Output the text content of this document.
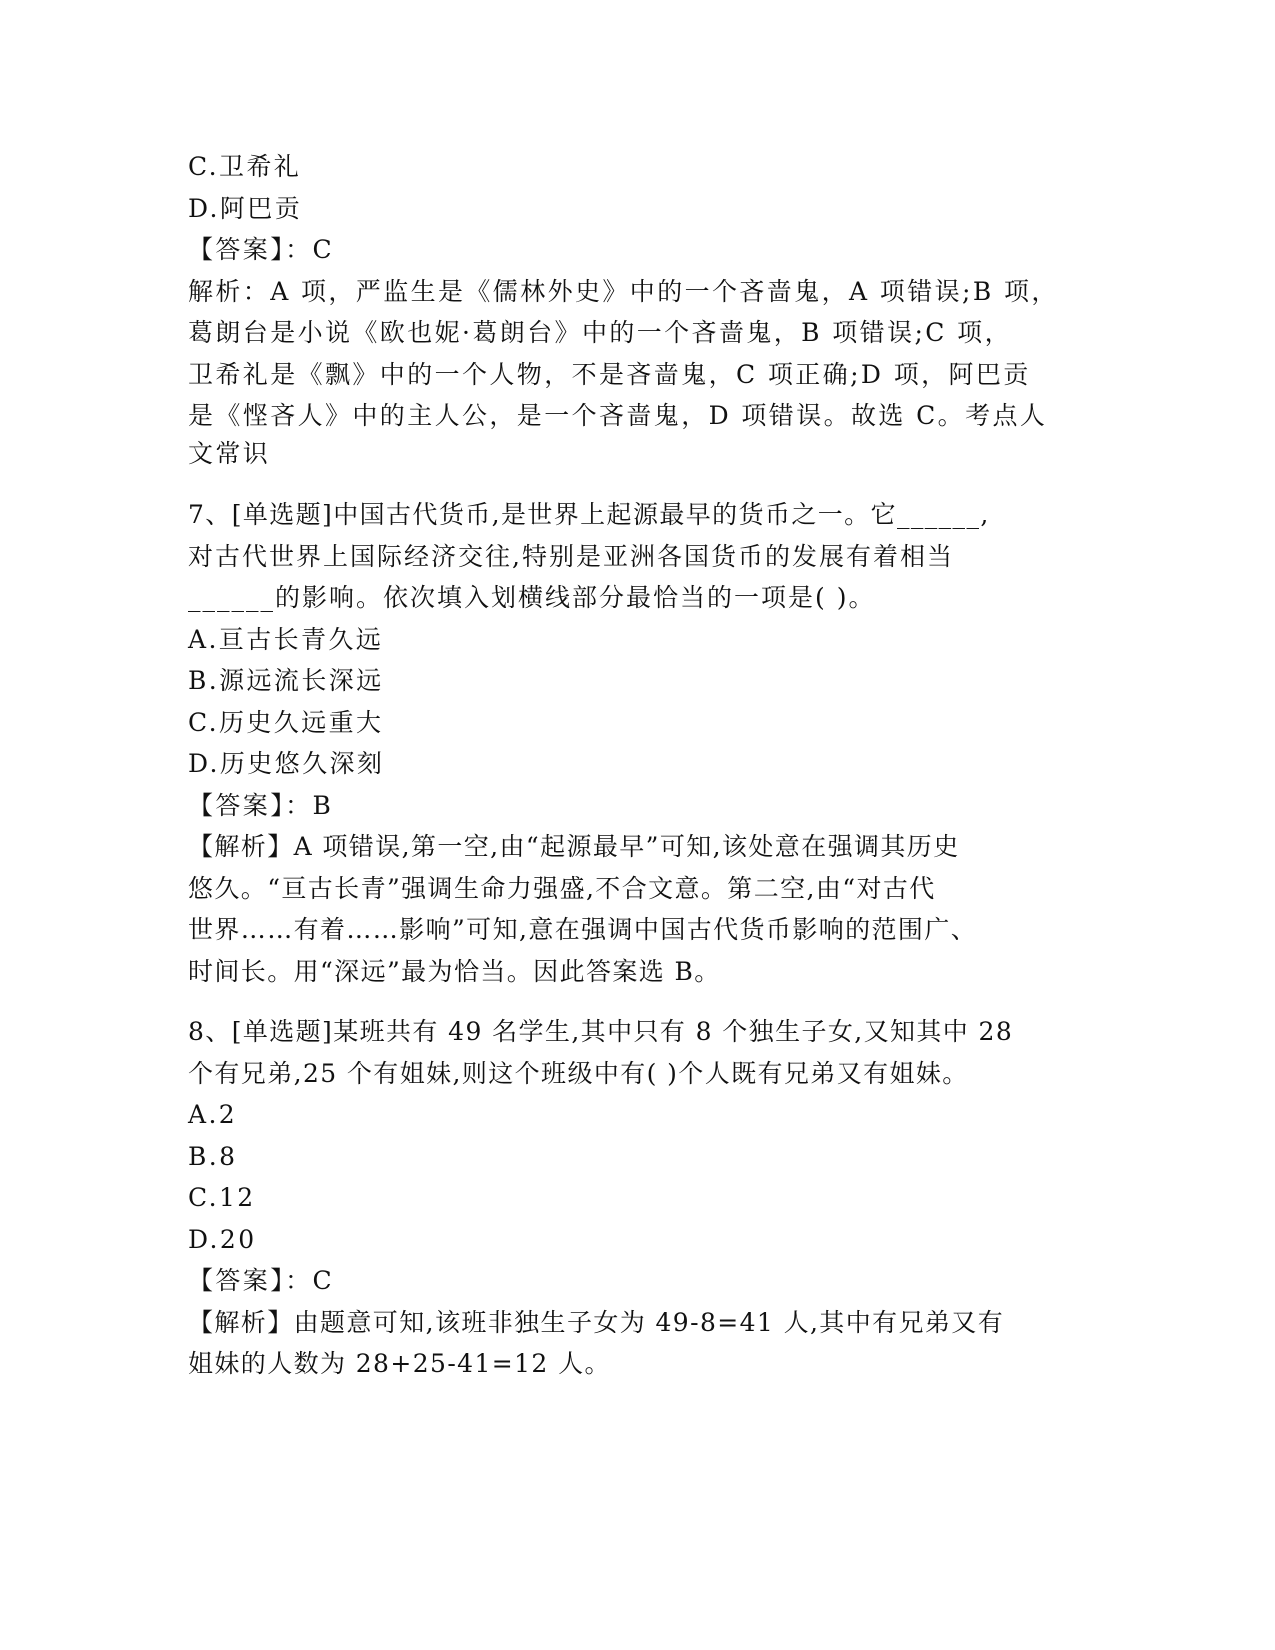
C.卫希礼
D.阿巴贡
【答案】：C
解析：A 项，严监生是《儒林外史》中的一个吝啬鬼，A 项错误;B 项，
葛朗台是小说《欧也妮·葛朗台》中的一个吝啬鬼，B 项错误;C 项，
卫希礼是《飘》中的一个人物，不是吝啬鬼，C 项正确;D 项，阿巴贡
是《悭吝人》中的主人公，是一个吝啬鬼，D 项错误。故选 C。考点人
文常识
7、[单选题]中国古代货币,是世界上起源最早的货币之一。它______,
对古代世界上国际经济交往,特别是亚洲各国货币的发展有着相当
______的影响。依次填入划横线部分最恰当的一项是( )。
A.亘古长青久远
B.源远流长深远
C.历史久远重大
D.历史悠久深刻
【答案】：B
【解析】A 项错误,第一空,由“起源最早”可知,该处意在强调其历史
悠久。“亘古长青”强调生命力强盛,不合文意。第二空,由“对古代
世界……有着……影响”可知,意在强调中国古代货币影响的范围广、
时间长。用“深远”最为恰当。因此答案选 B。
8、[单选题]某班共有 49 名学生,其中只有 8 个独生子女,又知其中 28
个有兄弟,25 个有姐妹,则这个班级中有( )个人既有兄弟又有姐妹。
A.2
B.8
C.12
D.20
【答案】：C
【解析】由题意可知,该班非独生子女为 49-8=41 人,其中有兄弟又有
姐妹的人数为 28+25-41=12 人。
